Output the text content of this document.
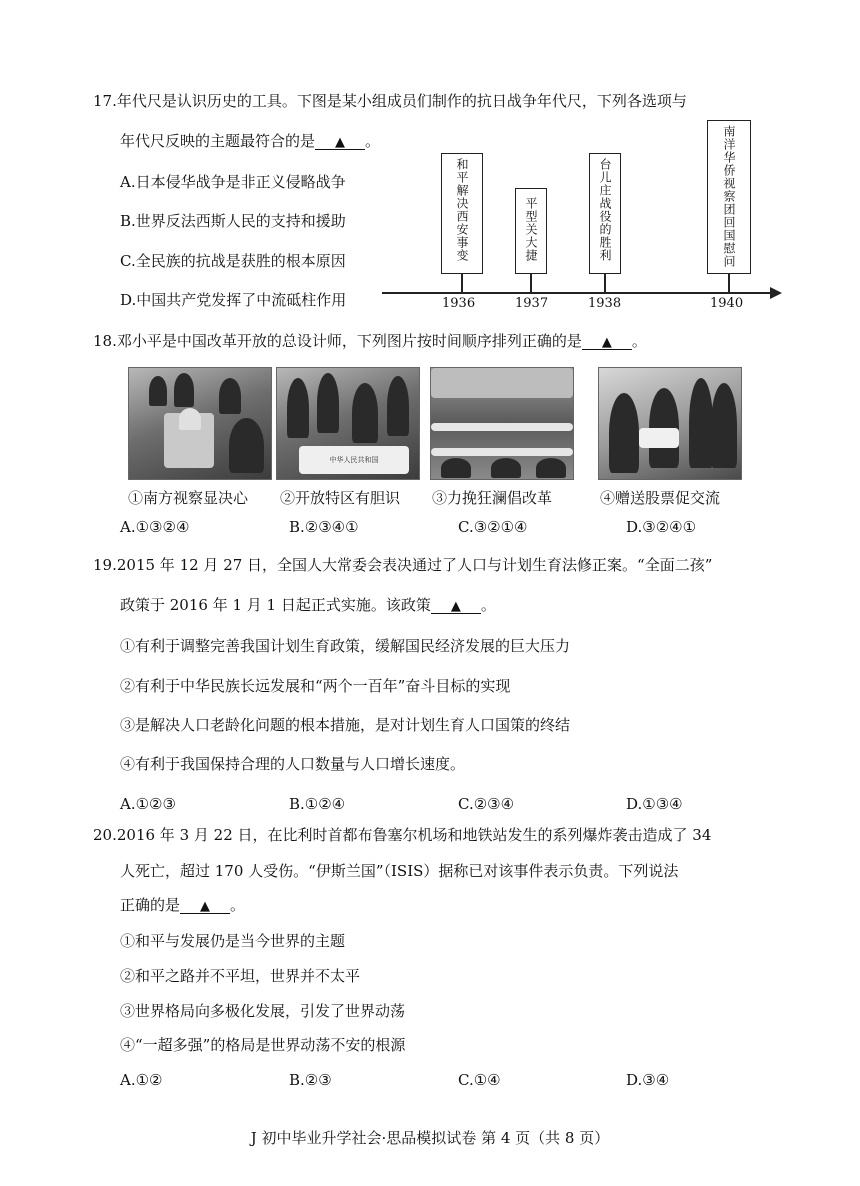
17.年代尺是认识历史的工具。下图是某小组成员们制作的抗日战争年代尺，下列各选项与
年代尺反映的主题最符合的是 ▲ 。
A.日本侵华战争是非正义侵略战争
B.世界反法西斯人民的支持和援助
C.全民族的抗战是获胜的根本原因
D.中国共产党发挥了中流砥柱作用
和平解决西安事变
1936
平型关大捷
1937
台儿庄战役的胜利
1938
南洋华侨视察团回国慰问
1940
18.邓小平是中国改革开放的总设计师，下列图片按时间顺序排列正确的是 ▲ 。
中华人民共和国
①南方视察显决心 ②开放特区有胆识 ③力挽狂澜倡改革	④赠送股票促交流
A.①③②④	B.②③④①	C.③②①④	D.③②④①
19.2015 年 12 月 27 日，全国人大常委会表决通过了人口与计划生育法修正案。“全面二孩”
政策于 2016 年 1 月 1 日起正式实施。该政策 ▲ 。
①有利于调整完善我国计划生育政策，缓解国民经济发展的巨大压力
②有利于中华民族长远发展和“两个一百年”奋斗目标的实现
③是解决人口老龄化问题的根本措施，是对计划生育人口国策的终结
④有利于我国保持合理的人口数量与人口增长速度。
A.①②③	B.①②④	C.②③④	D.①③④
20.2016 年 3 月 22 日，在比利时首都布鲁塞尔机场和地铁站发生的系列爆炸袭击造成了 34
人死亡，超过 170 人受伤。“伊斯兰国”（ISIS）据称已对该事件表示负责。下列说法
正确的是 ▲ 。
①和平与发展仍是当今世界的主题
②和平之路并不平坦，世界并不太平
③世界格局向多极化发展，引发了世界动荡
④“一超多强”的格局是世界动荡不安的根源
A.①②	B.②③	C.①④	D.③④
J 初中毕业升学社会·思品模拟试卷 第 4 页（共 8 页）
